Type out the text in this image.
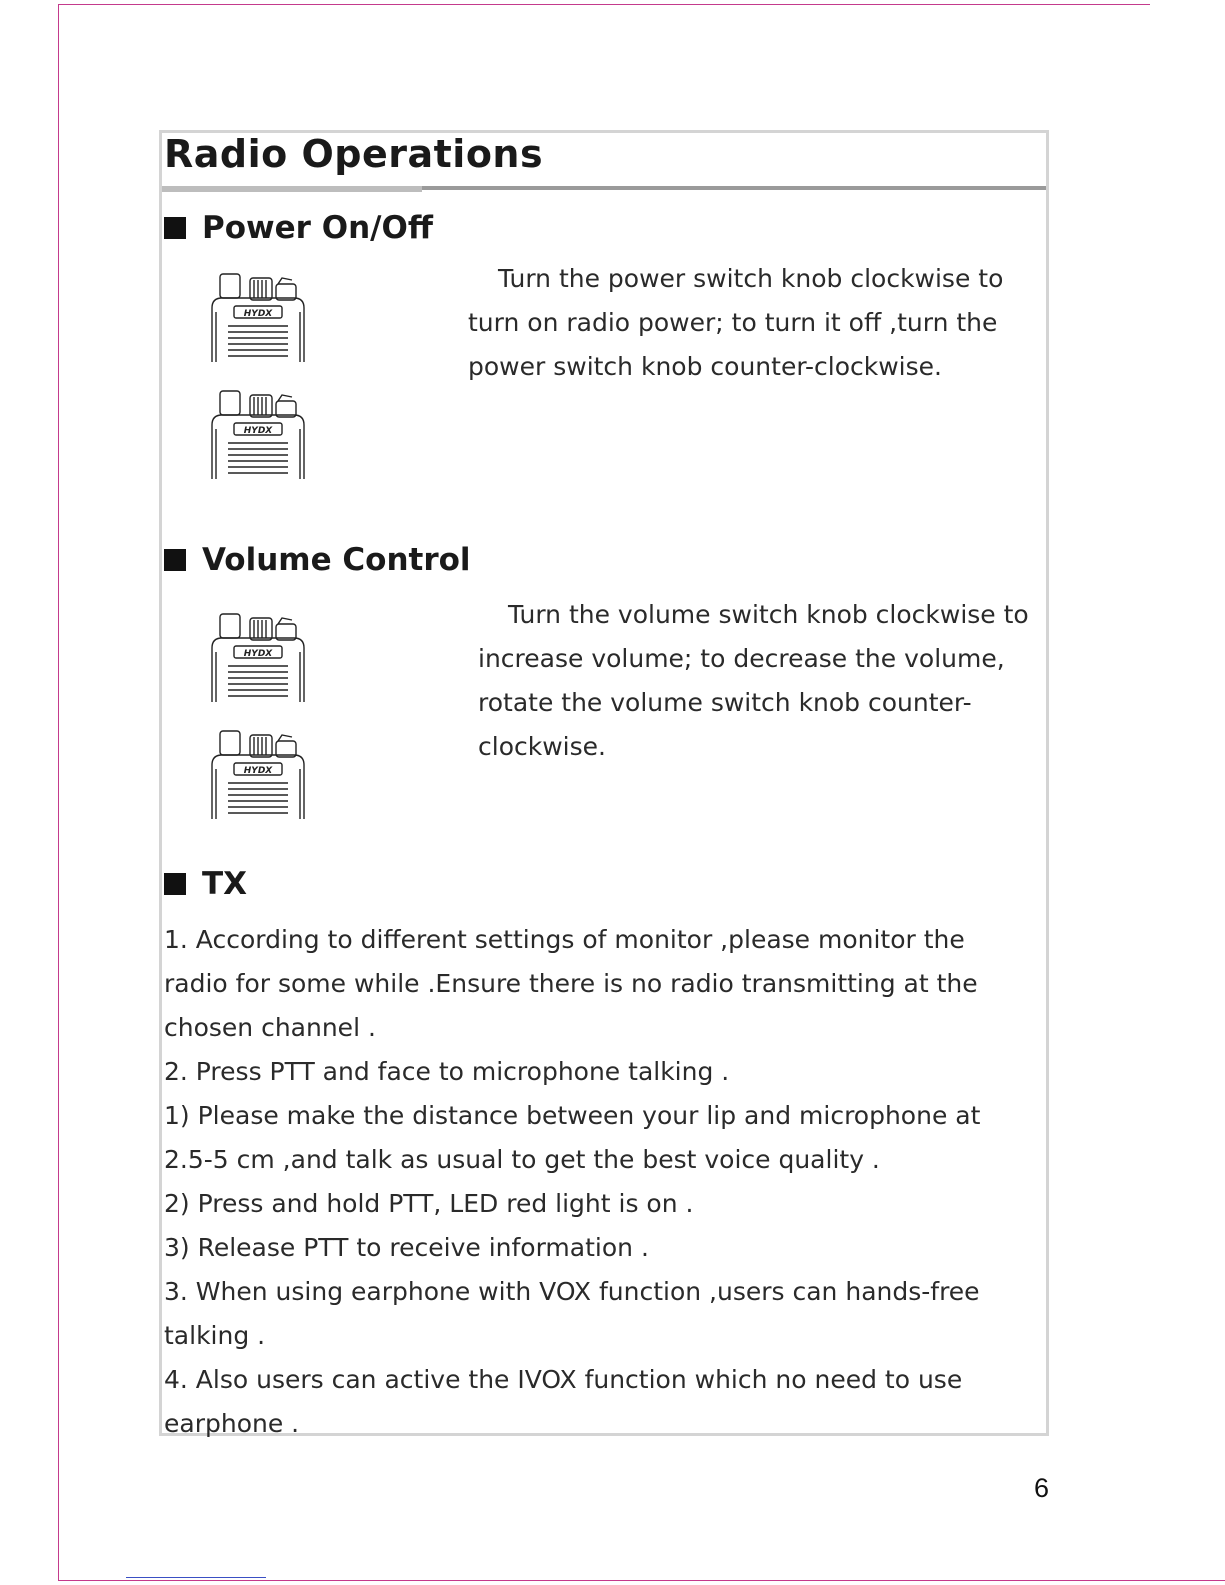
Radio Operations
Power On/Off
HYDX
HYDX
Turn the power switch knob clockwise to
turn on radio power; to turn it off ,turn the
power switch knob counter-clockwise.
Volume Control
HYDX
HYDX
Turn the volume switch knob clockwise to
increase volume; to decrease the volume,
rotate the volume switch knob counter-
clockwise.
TX
1. According to different settings of monitor ,please monitor the
radio for some while .Ensure there is no radio transmitting at the
chosen channel .
2. Press PTT and face to microphone talking .
1) Please make the distance between your lip and microphone at
2.5-5 cm ,and talk as usual to get the best voice quality .
2) Press and hold PTT, LED red light is on .
3) Release PTT to receive information .
3. When using earphone with VOX function ,users can hands-free
talking .
4. Also users can active the IVOX function which no need to use
earphone .
6
